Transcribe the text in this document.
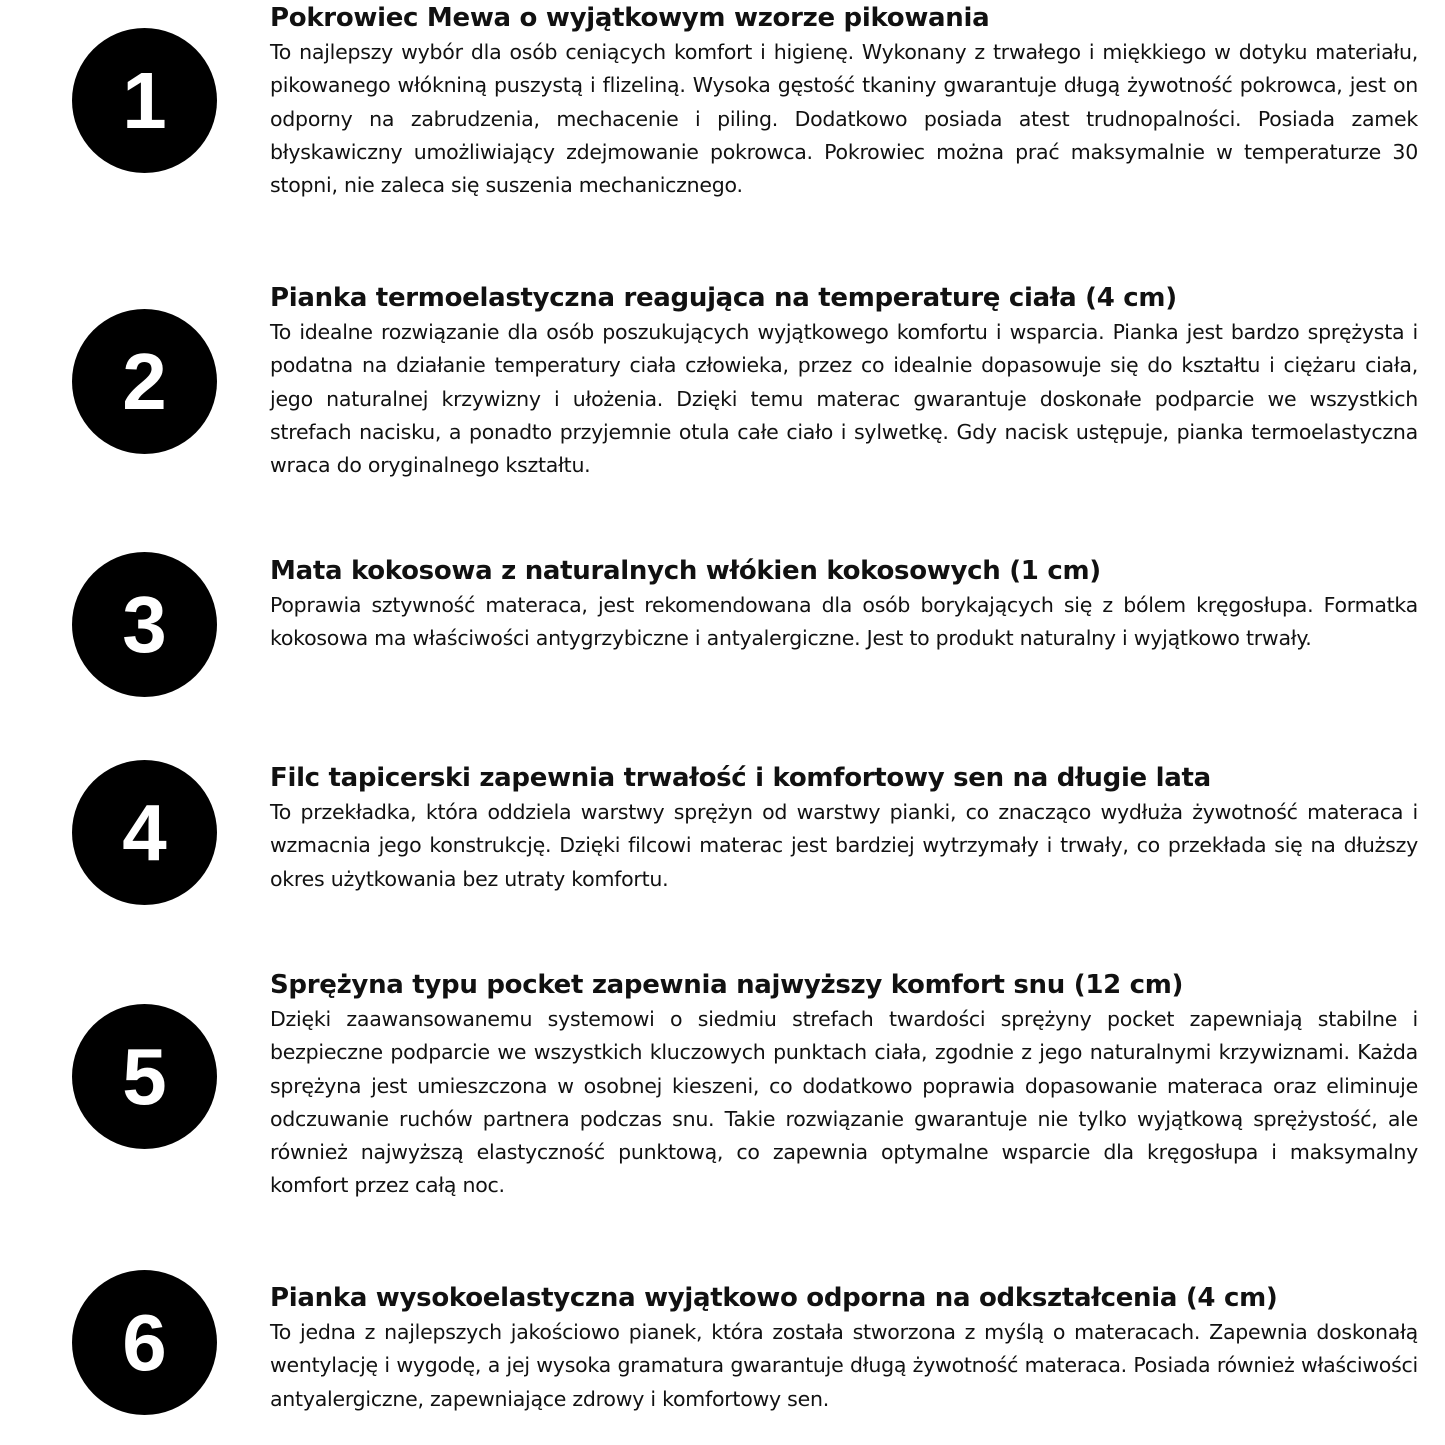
1
Pokrowiec Mewa o wyjątkowym wzorze pikowania

To najlepszy wybór dla osób ceniących komfort i higienę. Wykonany z trwałego i miękkiego w dotyku materiału, pikowanego włókniną puszystą i flizeliną. Wysoka gęstość tkaniny gwarantuje długą żywotność pokrowca, jest on odporny na zabrudzenia, mechacenie i piling. Dodatkowo posiada atest trudnopalności. Posiada zamek błyskawiczny umożliwiający zdejmowanie pokrowca. Pokrowiec można prać maksymalnie w temperaturze 30 stopni, nie zaleca się suszenia mechanicznego.

2
Pianka termoelastyczna reagująca na temperaturę ciała (4 cm)

To idealne rozwiązanie dla osób poszukujących wyjątkowego komfortu i wsparcia. Pianka jest bardzo sprężysta i podatna na działanie temperatury ciała człowieka, przez co idealnie dopasowuje się do kształtu i ciężaru ciała, jego naturalnej krzywizny i ułożenia. Dzięki temu materac gwarantuje doskonałe podparcie we wszystkich strefach nacisku, a ponadto przyjemnie otula całe ciało i sylwetkę. Gdy nacisk ustępuje, pianka termoelastyczna wraca do oryginalnego kształtu.

3
Mata kokosowa z naturalnych włókien kokosowych (1 cm)

Poprawia sztywność materaca, jest rekomendowana dla osób borykających się z bólem kręgosłupa. Formatka kokosowa ma właściwości antygrzybiczne i antyalergiczne. Jest to produkt naturalny i wyjątkowo trwały.

4
Filc tapicerski zapewnia trwałość i komfortowy sen na długie lata

To przekładka, która oddziela warstwy sprężyn od warstwy pianki, co znacząco wydłuża żywotność materaca i wzmacnia jego konstrukcję. Dzięki filcowi materac jest bardziej wytrzymały i trwały, co przekłada się na dłuższy okres użytkowania bez utraty komfortu.

5
Sprężyna typu pocket zapewnia najwyższy komfort snu (12 cm)

Dzięki zaawansowanemu systemowi o siedmiu strefach twardości sprężyny pocket zapewniają stabilne i bezpieczne podparcie we wszystkich kluczowych punktach ciała, zgodnie z jego naturalnymi krzywiznami. Każda sprężyna jest umieszczona w osobnej kieszeni, co dodatkowo poprawia dopasowanie materaca oraz eliminuje odczuwanie ruchów partnera podczas snu. Takie rozwiązanie gwarantuje nie tylko wyjątkową sprężystość, ale również najwyższą elastyczność punktową, co zapewnia optymalne wsparcie dla kręgosłupa i maksymalny komfort przez całą noc.

6	Pianka wysokoelastyczna wyjątkowo odporna na odkształcenia (4 cm)

To jedna z najlepszych jakościowo pianek, która została stworzona z myślą o materacach. Zapewnia doskonałą wentylację i wygodę, a jej wysoka gramatura gwarantuje długą żywotność materaca. Posiada również właściwości antyalergiczne, zapewniające zdrowy i komfortowy sen.
